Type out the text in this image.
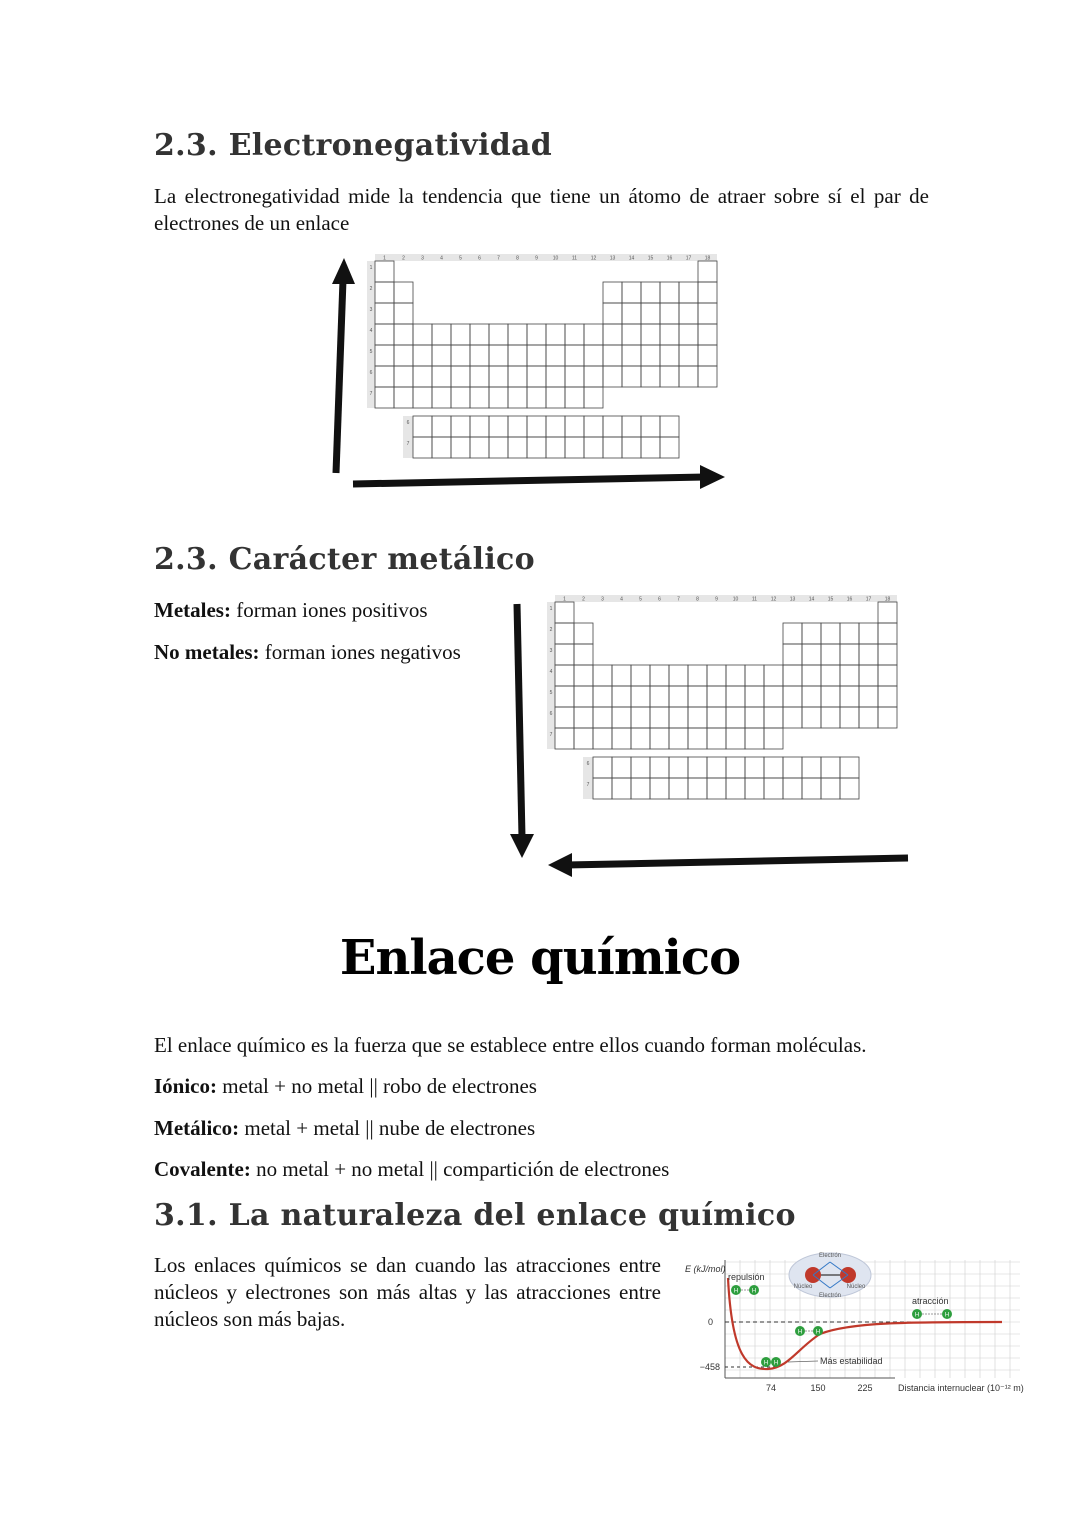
2.3. Electronegatividad

La electronegatividad mide la tendencia que tiene un átomo de atraer sobre sí el par de electrones de un enlace

1	2	3	4	5	6	7	8	9	10	11	12	13	14	15	16	17	18
1
2
3
4
5
6
7
6
7
2.3. Carácter metálico

Metales: forman iones positivos

No metales: forman iones negativos

1	2	3	4	5	6	7	8	9	10	11	12	13	14	15	16	17	18
1
2
3
4
5
6
7
6
7
Enlace químico

El enlace químico es la fuerza que se establece entre ellos cuando forman moléculas.

Iónico: metal + no metal || robo de electrones

Metálico: metal + metal || nube de electrones

Covalente: no metal + no metal || compartición de electrones

3.1. La naturaleza del enlace químico

Los enlaces químicos se dan cuando las atracciones entre núcleos y electrones son más altas y las atracciones entre núcleos son más bajas.

E (kJ/mol)
0
−458
74	150	225	Distancia internuclear (10⁻¹² m)
repulsión
atracción
Más estabilidad
Electrón
Electrón
Núcleo	Núcleo
H H
H H
H H
H	H
